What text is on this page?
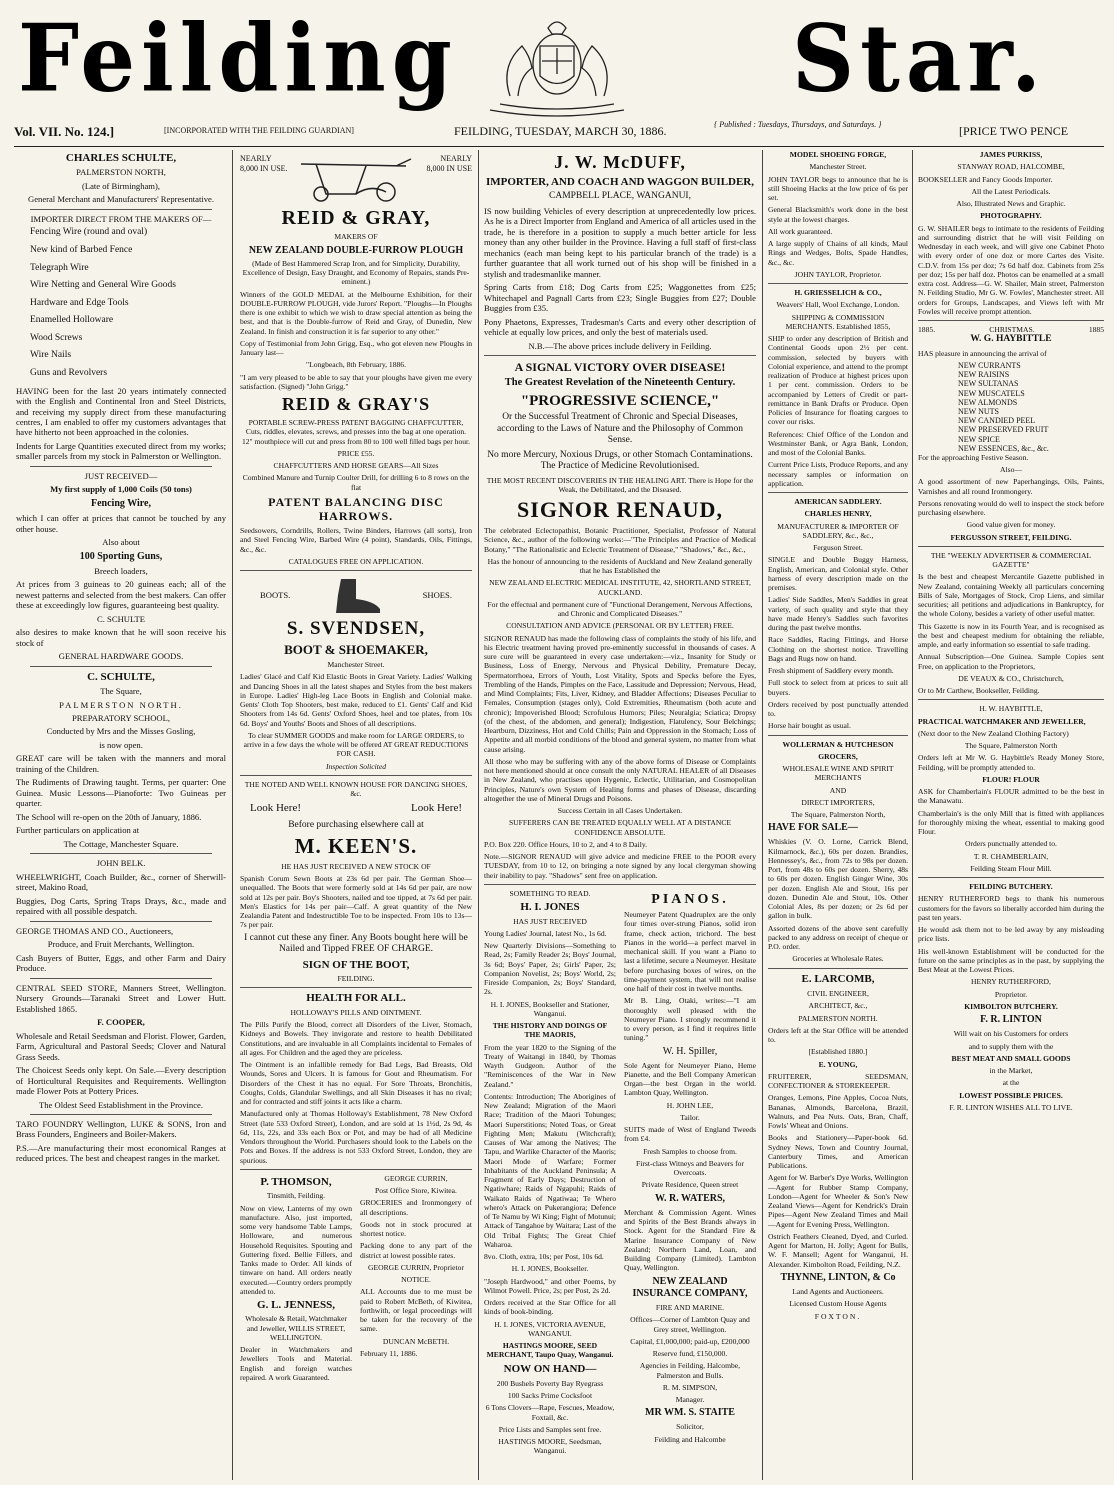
Feilding	Star.
Vol. VII. No. 124.]	[INCORPORATED WITH THE FEILDING GUARDIAN]	FEILDING, TUESDAY, MARCH 30, 1886.	{ Published : Tuesdays, Thursdays, and Saturdays. }	[PRICE TWO PENCE
CHARLES SCHULTE,

PALMERSTON NORTH,

(Late of Birmingham),

General Merchant and Manufacturers' Representative.

IMPORTER DIRECT FROM THE MAKERS OF—

Fencing Wire (round and oval)
New kind of Barbed Fence
Telegraph Wire
Wire Netting and General Wire Goods
Hardware and Edge Tools
Enamelled Holloware
Wood Screws
Wire Nails
Guns and Revolvers

HAVING been for the last 20 years intimately connected with the English and Continental Iron and Steel Districts, and receiving my supply direct from these manufacturing centres, I am enabled to offer my customers advantages that have hitherto not been approached in the colonies.

Indents for Large Quantities executed direct from my works; smaller parcels from my stock in Palmerston or Wellington.

JUST RECEIVED—

My first supply of 1,000 Coils (50 tons)

Fencing Wire,

which I can offer at prices that cannot be touched by any other house.

Also about

100 Sporting Guns,

Breech loaders,

At prices from 3 guineas to 20 guineas each; all of the newest patterns and selected from the best makers. Can offer these at exceedingly low figures, guaranteeing best quality.

C. SCHULTE

also desires to make known that he will soon receive his stock of

GENERAL HARDWARE GOODS.

C. SCHULTE,

The Square,

PALMERSTON NORTH.

PREPARATORY SCHOOL,

Conducted by Mrs and the Misses Gosling,

is now open.

GREAT care will be taken with the manners and moral training of the Children.

The Rudiments of Drawing taught. Terms, per quarter: One Guinea. Music Lessons—Pianoforte: Two Guineas per quarter.

The School will re-open on the 20th of January, 1886.

Further particulars on application at

The Cottage, Manchester Square.

JOHN BELK.

WHEELWRIGHT, Coach Builder, &c., corner of Sherwill-street, Makino Road,

Buggies, Dog Carts, Spring Traps Drays, &c., made and repaired with all possible despatch.

GEORGE THOMAS AND CO., Auctioneers,

Produce, and Fruit Merchants, Wellington.

Cash Buyers of Butter, Eggs, and other Farm and Dairy Produce.

CENTRAL SEED STORE, Manners Street, Wellington. Nursery Grounds—Taranaki Street and Lower Hutt. Established 1865.

F. COOPER,

Wholesale and Retail Seedsman and Florist. Flower, Garden, Farm, Agricultural and Pastoral Seeds; Clover and Natural Grass Seeds.

The Choicest Seeds only kept. On Sale.—Every description of Horticultural Requisites and Requirements. Wellington made Flower Pots at Pottery Prices.

The Oldest Seed Establishment in the Province.

TARO FOUNDRY Wellington, LUKE & SONS, Iron and Brass Founders, Engineers and Boiler-Makers.

P.S.—Are manufacturing their most economical Ranges at reduced prices. The best and cheapest ranges in the market.

NEARLY 8,000 IN USE.
NEARLY 8,000 IN USE
REID & GRAY,

MAKERS OF

NEW ZEALAND DOUBLE-FURROW PLOUGH

(Made of Best Hammered Scrap Iron, and for Simplicity, Durability, Excellence of Design, Easy Draught, and Economy of Repairs, stands Pre-eminent.)

Winners of the GOLD MEDAL at the Melbourne Exhibition, for their DOUBLE-FURROW PLOUGH, vide Jurors' Report. "Ploughs—In Ploughs there is one exhibit to which we wish to draw special attention as being the best, and that is the Double-furrow of Reid and Gray, of Dunedin, New Zealand. In finish and construction it is far superior to any other."

Copy of Testimonial from John Grigg, Esq., who got eleven new Ploughs in January last—

"Longbeach, 8th February, 1886.

"I am very pleased to be able to say that your ploughs have given me every satisfaction. (Signed) "John Grigg."

REID & GRAY'S

PORTABLE SCREW-PRESS PATENT BAGGING CHAFFCUTTER, Cuts, riddles, elevates, screws, and presses into the bag at one operation. 12" mouthpiece will cut and press from 80 to 100 well filled bags per hour.

PRICE £55.

CHAFFCUTTERS AND HORSE GEARS—All Sizes

Combined Manure and Turnip Coulter Drill, for drilling 6 to 8 rows on the flat

PATENT BALANCING DISC HARROWS.

Seedsowers, Corndrills, Rollers, Twine Binders, Harrows (all sorts), Iron and Steel Fencing Wire, Barbed Wire (4 point), Standards, Oils, Fittings, &c., &c.

CATALOGUES FREE ON APPLICATION.

BOOTS.	SHOES.
S. SVENDSEN,
BOOT & SHOEMAKER,

Manchester Street.

Ladies' Glacé and Calf Kid Elastic Boots in Great Variety. Ladies' Walking and Dancing Shoes in all the latest shapes and Styles from the best makers in Europe. Ladies' High-leg Lace Boots in English and Colonial make. Gents' Cloth Top Shooters, best make, reduced to £1. Gents' Calf and Kid Shooters from 14s 6d. Gents' Oxford Shoes, heel and toe plates, from 10s 6d. Boys' and Youths' Boots and Shoes of all descriptions.

To clear SUMMER GOODS and make room for LARGE ORDERS, to arrive in a few days the whole will be offered AT GREAT REDUCTIONS FOR CASH.

Inspection Solicited

THE NOTED AND WELL KNOWN HOUSE FOR DANCING SHOES, &c.

Look Here!	Look Here!

Before purchasing elsewhere call at

M. KEEN'S.

HE HAS JUST RECEIVED A NEW STOCK OF

Spanish Corum Sewn Boots at 23s 6d per pair. The German Shoe—unequalled. The Boots that were formerly sold at 14s 6d per pair, are now sold at 12s per pair. Boy's Shooters, nailed and toe tipped, at 7s 6d per pair. Men's Elastics for 14s per pair—Calf. A great quantity of the New Zealandia Patent and Indestructible Toe to be inspected. From 10s to 13s—7s per pair.

I cannot cut these any finer. Any Boots bought here will be Nailed and Tipped FREE OF CHARGE.

SIGN OF THE BOOT,

FEILDING.

HEALTH FOR ALL.

HOLLOWAY'S PILLS AND OINTMENT.

The Pills Purify the Blood, correct all Disorders of the Liver, Stomach, Kidneys and Bowels. They invigorate and restore to health Debilitated Constitutions, and are invaluable in all Complaints incidental to Females of all ages. For Children and the aged they are priceless.

The Ointment is an infallible remedy for Bad Legs, Bad Breasts, Old Wounds, Sores and Ulcers. It is famous for Gout and Rheumatism. For Disorders of the Chest it has no equal. For Sore Throats, Bronchitis, Coughs, Colds, Glandular Swellings, and all Skin Diseases it has no rival; and for contracted and stiff joints it acts like a charm.

Manufactured only at Thomas Holloway's Establishment, 78 New Oxford Street (late 533 Oxford Street), London, and are sold at 1s 1½d, 2s 9d, 4s 6d, 11s, 22s, and 33s each Box or Pot, and may be had of all Medicine Vendors throughout the World. Purchasers should look to the Labels on the Pots and Boxes. If the address is not 533 Oxford Street, London, they are spurious.

P. THOMSON,

Tinsmith, Feilding.

Now on view, Lanterns of my own manufacture. Also, just imported, some very handsome Table Lamps, Holloware, and numerous Household Requisites. Spouting and Guttering fixed. Bellie Fillers, and Tanks made to Order. All kinds of tinware on hand. All orders neatly executed.—Country orders promptly attended to.

G. L. JENNESS,

Wholesale & Retail, Watchmaker and Jeweller, WILLIS STREET, WELLINGTON.

Dealer in Watchmakers and Jewellers Tools and Material. English and foreign watches repaired. A work Guaranteed.

GEORGE CURRIN,

Post Office Store, Kiwitea.

GROCERIES and Ironmongery of all descriptions.

Goods not in stock procured at shortest notice.

Packing done to any part of the district at lowest possible rates.

GEORGE CURRIN, Proprietor

NOTICE.

ALL Accounts due to me must be paid to Robert McBeth, of Kiwitea, forthwith, or legal proceedings will be taken for the recovery of the same.

DUNCAN McBETH.

February 11, 1886.

J. W. McDUFF,
IMPORTER, AND COACH AND WAGGON BUILDER,

CAMPBELL PLACE, WANGANUI,

IS now building Vehicles of every description at unprecedentedly low prices. As he is a Direct Importer from England and America of all articles used in the trade, he is therefore in a position to supply a much better article for less money than any other builder in the Province. Having a full staff of first-class mechanics (each man being kept to his particular branch of the trade) is a further guarantee that all work turned out of his shop will be finished in a stylish and tradesmanlike manner.

Spring Carts from £18; Dog Carts from £25; Waggonettes from £25; Whitechapel and Pagnall Carts from £23; Single Buggies from £27; Double Buggies from £35.

Pony Phaetons, Expresses, Tradesman's Carts and every other description of vehicle at equally low prices, and only the best of materials used.

N.B.—The above prices include delivery in Feilding.

A SIGNAL VICTORY OVER DISEASE!
The Greatest Revelation of the Nineteenth Century.
"PROGRESSIVE SCIENCE,"

Or the Successful Treatment of Chronic and Special Diseases, according to the Laws of Nature and the Philosophy of Common Sense.

No more Mercury, Noxious Drugs, or other Stomach Contaminations. The Practice of Medicine Revolutionised.

THE MOST RECENT DISCOVERIES IN THE HEALING ART. There is Hope for the Weak, the Debilitated, and the Diseased.

SIGNOR RENAUD,

The celebrated Eclectopathist, Botanic Practitioner, Specialist, Professor of Natural Science, &c., author of the following works:—"The Principles and Practice of Medical Botany," "The Rationalistic and Eclectic Treatment of Disease," "Shadows," &c., &c.,

Has the honour of announcing to the residents of Auckland and New Zealand generally that he has Established the

NEW ZEALAND ELECTRIC MEDICAL INSTITUTE, 42, SHORTLAND STREET, AUCKLAND.

For the effectual and permanent cure of "Functional Derangement, Nervous Affections, and Chronic and Complicated Diseases."

CONSULTATION AND ADVICE (PERSONAL OR BY LETTER) FREE.

SIGNOR RENAUD has made the following class of complaints the study of his life, and his Electric treatment having proved pre-eminently successful in thousands of cases. A sure cure will be guaranteed in every case undertaken:—viz., Insanity for Study or Business, Loss of Energy, Nervous and Physical Debility, Premature Decay, Spermatorrhoea, Errors of Youth, Lost Vitality, Spots and Specks before the Eyes, Trembling of the Hands, Pimples on the Face, Lassitude and Depression; Nervous, Head, and Mind Complaints; Fits, Liver, Kidney, and Bladder Affections; Diseases Peculiar to Females, Consumption (stages only), Cold Extremities, Rheumatism (both acute and chronic); Impoverished Blood; Scrofulous Humors; Piles; Neuralgia; Sciatica; Dropsy (of the chest, of the abdomen, and general); Indigestion, Flatulency, Sour Belchings; Heartburn, Dizziness, Hot and Cold Chills; Pain and Oppression in the Stomach; Loss of Appetite and all morbid conditions of the blood and general system, no matter from what cause arising.

All those who may be suffering with any of the above forms of Disease or Complaints not here mentioned should at once consult the only NATURAL HEALER of all Diseases in New Zealand, who practises upon Hygenic, Eclectic, Utilitarian, and Cosmopolitan Principles, Nature's own System of Healing forms and phases of Disease, discarding altogether the use of Mineral Drugs and Poisons.

Success Certain in all Cases Undertaken.

SUFFERERS CAN BE TREATED EQUALLY WELL AT A DISTANCE CONFIDENCE ABSOLUTE.

P.O. Box 220. Office Hours, 10 to 2, and 4 to 8 Daily.

Note.—SIGNOR RENAUD will give advice and medicine FREE to the POOR every TUESDAY, from 10 to 12, on bringing a note signed by any local clergyman showing their inability to pay. "Shadows" sent free on application.

SOMETHING TO READ.

H. I. JONES

HAS JUST RECEIVED

Young Ladies' Journal, latest No., 1s 6d.

New Quarterly Divisions—Something to Read, 2s; Family Reader 2s; Boys' Journal, 3s 6d; Boys' Paper, 2s; Girls' Paper, 2s; Companion Novelist, 2s; Boys' World, 2s; Fireside Companion, 2s; Boys' Standard, 2s.

H. I. JONES, Bookseller and Stationer, Wanganui.

THE HISTORY AND DOINGS OF THE MAORIS,

From the year 1820 to the Signing of the Treaty of Waitangi in 1840, by Thomas Wayth Gudgeon. Author of the "Reminiscences of the War in New Zealand."

Contents: Introduction; The Aborigines of New Zealand; Migration of the Maori Race; Tradition of the Maori Tohunges; Maori Superstitions; Noted Toas, or Great Fighting Men; Makutu (Witchcraft); Causes of War among the Natives; The Tapu, and Warlike Character of the Maoris; Maori Mode of Warfare; Former Inhabitants of the Auckland Peninsula; A Fragment of Early Days; Destruction of Ngatiwhare; Raids of Ngapuhi; Raids of Waikato Raids of Ngatiwaa; Te Whero whero's Attack on Pukerangiora; Defence of Te Namu by Wi King; Fight of Motunui; Attack of Tangahoe by Waitara; Last of the Old Tribal Fights; The Great Chief Waharoa.

8vo. Cloth, extra, 10s; per Post, 10s 6d.

H. I. JONES, Bookseller.

"Joseph Hardwood," and other Poems, by Wilmot Powell. Price, 2s; per Post, 2s 2d.

Orders received at the Star Office for all kinds of book-binding.

H. I. JONES, VICTORIA AVENUE, WANGANUI.

HASTINGS MOORE, SEED MERCHANT, Taupo Quay, Wanganui.

NOW ON HAND—

200 Bushels Poverty Bay Ryegrass

100 Sacks Prime Cocksfoot

6 Tons Clovers—Rape, Fescues, Meadow, Foxtail, &c.

Price Lists and Samples sent free.

HASTINGS MOORE, Seedsman, Wanganui.

PIANOS.

Neumeyer Patent Quadruplex are the only four times over-strung Pianos, solid iron frame, check action, trichord. The best Pianos in the world—a perfect marvel in mechanical skill. If you want a Piano to last a lifetime, secure a Neumeyer. Hesitate before purchasing boxes of wires, on the time-payment system, that will not realise one half of their cost in twelve months.

Mr B. Ling, Otaki, writes:—"I am thoroughly well pleased with the Neumeyer Piano. I strongly recommend it to every person, as I find it requires little tuning."

W. H. Spiller,

Sole Agent for Neumeyer Piano, Heme Pianette, and the Bell Company American Organ—the best Organ in the world. Lambton Quay, Wellington.

H. JOHN LEE,

Tailor.

SUITS made of West of England Tweeds from £4.

Fresh Samples to choose from.

First-class Witneys and Beavers for Overcoats.

Private Residence, Queen street

W. R. WATERS,

Merchant & Commission Agent. Wines and Spirits of the Best Brands always in Stock. Agent for the Standard Fire & Marine Insurance Company of New Zealand; Northern Land, Loan, and Building Company (Limited). Lambton Quay, Wellington.

NEW ZEALAND INSURANCE COMPANY,

FIRE AND MARINE.

Offices—Corner of Lambton Quay and Grey street, Wellington.

Capital, £1,000,000; paid-up, £200,000

Reserve fund, £150,000.

Agencies in Feilding, Halcombe, Palmerston and Bulls.

R. M. SIMPSON,

Manager.

MR WM. S. STAITE

Solicitor,

Feilding and Halcombe

MODEL SHOEING FORGE,

Manchester Street.

JOHN TAYLOR begs to announce that he is still Shoeing Hacks at the low price of 6s per set.

General Blacksmith's work done in the best style at the lowest charges.

All work guaranteed.

A large supply of Chains of all kinds, Maul Rings and Wedges, Bolts, Spade Handles, &c., &c.

JOHN TAYLOR, Proprietor.

H. GRIESSELICH & CO.,

Weavers' Hall, Wool Exchange, London.

SHIPPING & COMMISSION MERCHANTS. Established 1855,

SHIP to order any description of British and Continental Goods upon 2½ per cent. commission, selected by buyers with Colonial experience, and attend to the prompt realization of Produce at highest prices upon 1 per cent. commission. Orders to be accompanied by Letters of Credit or part-remittance in Bank Drafts or Produce. Open Policies of Insurance for floating cargoes to cover our risks.

References: Chief Office of the London and Westminster Bank, or Agra Bank, London, and most of the Colonial Banks.

Current Price Lists, Produce Reports, and any necessary samples or information on application.

AMERICAN SADDLERY.

CHARLES HENRY,

MANUFACTURER & IMPORTER OF SADDLERY, &c., &c.,

Ferguson Street.

SINGLE and Double Buggy Harness, English, American, and Colonial style. Other harness of every description made on the premises.

Ladies' Side Saddles, Men's Saddles in great variety, of such quality and style that they have made Henry's Saddles such favorites during the past twelve months.

Race Saddles, Racing Fittings, and Horse Clothing on the shortest notice. Travelling Bags and Rugs now on hand.

Fresh shipment of Saddlery every month.

Full stock to select from at prices to suit all buyers.

Orders received by post punctually attended to.

Horse hair bought as usual.

WOLLERMAN & HUTCHESON

GROCERS,

WHOLESALE WINE AND SPIRIT MERCHANTS

AND

DIRECT IMPORTERS,

The Square, Palmerston North,

HAVE FOR SALE—

Whiskies (V. O. Lorne, Carrick Blend, Kilmarnock, &c.), 60s per dozen. Brandies, Hennessey's, &c., from 72s to 98s per dozen. Port, from 48s to 60s per dozen. Sherry, 48s to 60s per dozen. English Ginger Wine, 30s per dozen. English Ale and Stout, 16s per dozen. Dunedin Ale and Stout, 10s. Other Colonial Ales, 8s per dozen; or 2s 6d per gallon in bulk.

Assorted dozens of the above sent carefully packed to any address on receipt of cheque or P.O. order.

Groceries at Wholesale Rates.

E. LARCOMB,

CIVIL ENGINEER,

ARCHITECT, &c.,

PALMERSTON NORTH.

Orders left at the Star Office will be attended to.

[Established 1880.]

E. YOUNG,

FRUITERER, SEEDSMAN, CONFECTIONER & STOREKEEPER.

Oranges, Lemons, Pine Apples, Cocoa Nuts, Bananas, Almonds, Barcelona, Brazil, Walnuts, and Pea Nuts. Oats, Bran, Chaff, Fowls' Wheat and Onions.

Books and Stationery—Paper-book 6d. Sydney News, Town and Country Journal, Canterbury Times, and American Publications.

Agent for W. Barber's Dye Works, Wellington—Agent for Rubber Stamp Company, London—Agent for Wheeler & Son's New Zealand Views—Agent for Kendrick's Drain Pipes—Agent New Zealand Times and Mail—Agent for Evening Press, Wellington.

Ostrich Feathers Cleaned, Dyed, and Curled. Agent for Marton, H. Jolly; Agent for Bulls, W. F. Mansell; Agent for Wanganui, H. Alexander. Kimbolton Road, Feilding, N.Z.

THYNNE, LINTON, & Co

Land Agents and Auctioneers.

Licensed Custom House Agents

FOXTON.

JAMES PURKISS,

STANWAY ROAD, HALCOMBE,

BOOKSELLER and Fancy Goods Importer.

All the Latest Periodicals.

Also, Illustrated News and Graphic.

PHOTOGRAPHY.

G. W. SHAILER begs to intimate to the residents of Feilding and surrounding district that he will visit Feilding on Wednesday in each week, and will give one Cabinet Photo with every order of one doz or more Cartes des Visite. C.D.V. from 15s per doz; 7s 6d half doz. Cabinets from 25s per doz; 15s per half doz. Photos can be enamelled at a small extra cost. Address—G. W. Shailer, Main street, Palmerston N. Feilding Studio, Mr G. W. Fowles', Manchester street. All orders for Groups, Landscapes, and Views left with Mr Fowles will receive prompt attention.

1885.	CHRISTMAS.	1885

W. G. HAYBITTLE

HAS pleasure in announcing the arrival of

NEW CURRANTS
NEW RAISINS
NEW SULTANAS
NEW MUSCATELS
NEW ALMONDS
NEW NUTS
NEW CANDIED PEEL
NEW PRESERVED FRUIT
NEW SPICE
NEW ESSENCES, &c., &c.

For the approaching Festive Season.

Also—

A good assortment of new Paperhangings, Oils, Paints, Varnishes and all round Ironmongery.

Persons renovating would do well to inspect the stock before purchasing elsewhere.

Good value given for money.

FERGUSSON STREET, FEILDING.

THE "WEEKLY ADVERTISER & COMMERCIAL GAZETTE"

Is the best and cheapest Mercantile Gazette published in New Zealand, containing Weekly all particulars concerning Bills of Sale, Mortgages of Stock, Crop Liens, and similar securities; all petitions and adjudications in Bankruptcy, for the whole Colony, besides a variety of other useful matter.

This Gazette is now in its Fourth Year, and is recognised as the best and cheapest medium for obtaining the reliable, ample, and early information so essential to safe trading.

Annual Subscription—One Guinea. Sample Copies sent Free, on application to the Proprietors,

DE VEAUX & CO., Christchurch,

Or to Mr Carthew, Bookseller, Feilding.

H. W. HAYBITTLE,

PRACTICAL WATCHMAKER AND JEWELLER,

(Next door to the New Zealand Clothing Factory)

The Square, Palmerston North

Orders left at Mr W. G. Haybittle's Ready Money Store, Feilding, will be promptly attended to.

FLOUR! FLOUR

ASK for Chamberlain's FLOUR admitted to be the best in the Manawatu.

Chamberlain's is the only Mill that is fitted with appliances for thoroughly mixing the wheat, essential to making good Flour.

Orders punctually attended to.

T. R. CHAMBERLAIN,

Feilding Steam Flour Mill.

FEILDING BUTCHERY.

HENRY RUTHERFORD begs to thank his numerous customers for the favors so liberally accorded him during the past ten years.

He would ask them not to be led away by any misleading price lists.

His well-known Establishment will be conducted for the future on the same principles as in the past, by supplying the Best Meat at the Lowest Prices.

HENRY RUTHERFORD,

Proprietor.

KIMBOLTON BUTCHERY.

F. R. LINTON

Will wait on his Customers for orders

and to supply them with the

BEST MEAT AND SMALL GOODS

in the Market,

at the

LOWEST POSSIBLE PRICES.

F. R. LINTON WISHES ALL TO LIVE.
